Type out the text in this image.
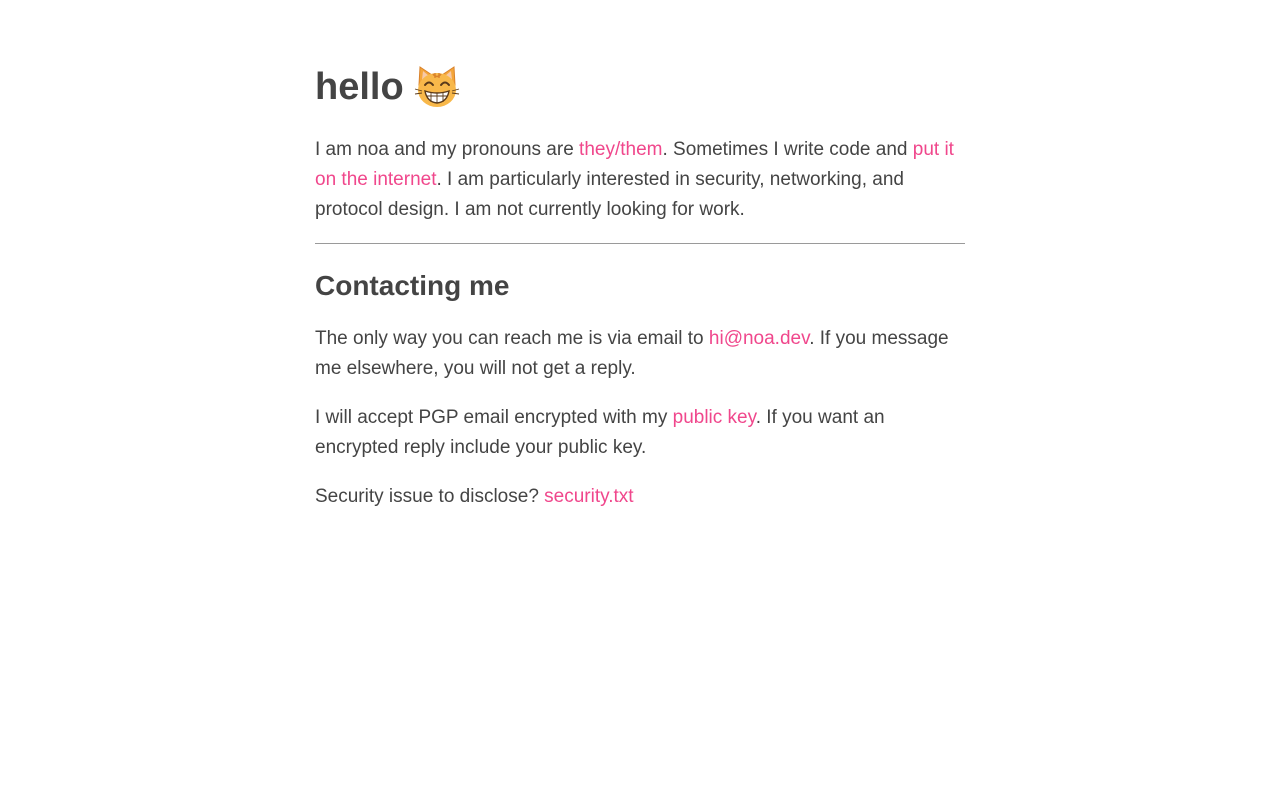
hello

I am noa and my pronouns are they/them. Sometimes I write code and put it on the internet. I am particularly interested in security, networking, and protocol design. I am not currently looking for work.

Contacting me

The only way you can reach me is via email to hi@noa.dev. If you message me elsewhere, you will not get a reply.

I will accept PGP email encrypted with my public key. If you want an encrypted reply include your public key.

Security issue to disclose? security.txt
